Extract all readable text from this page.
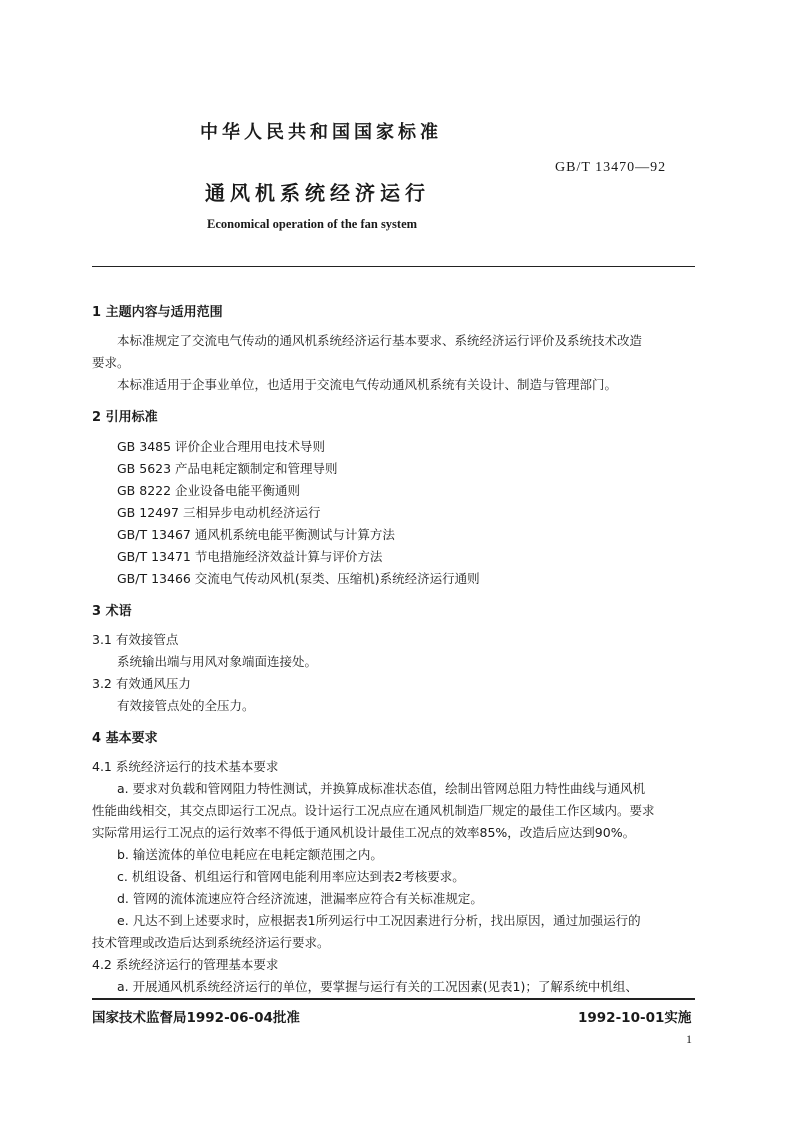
中华人民共和国国家标准
GB/T 13470—92
通风机系统经济运行
Economical operation of the fan system
1 主题内容与适用范围
本标准规定了交流电气传动的通风机系统经济运行基本要求、系统经济运行评价及系统技术改造
要求。
本标准适用于企事业单位，也适用于交流电气传动通风机系统有关设计、制造与管理部门。
2 引用标准
GB 3485 评价企业合理用电技术导则
GB 5623 产品电耗定额制定和管理导则
GB 8222 企业设备电能平衡通则
GB 12497 三相异步电动机经济运行
GB/T 13467 通风机系统电能平衡测试与计算方法
GB/T 13471 节电措施经济效益计算与评价方法
GB/T 13466 交流电气传动风机(泵类、压缩机)系统经济运行通则
3 术语
3.1 有效接管点
系统输出端与用风对象端面连接处。
3.2 有效通风压力
有效接管点处的全压力。
4 基本要求
4.1 系统经济运行的技术基本要求
a. 要求对负载和管网阻力特性测试，并换算成标准状态值，绘制出管网总阻力特性曲线与通风机
性能曲线相交，其交点即运行工况点。设计运行工况点应在通风机制造厂规定的最佳工作区域内。要求
实际常用运行工况点的运行效率不得低于通风机设计最佳工况点的效率85%，改造后应达到90%。
b. 输送流体的单位电耗应在电耗定额范围之内。
c. 机组设备、机组运行和管网电能利用率应达到表2考核要求。
d. 管网的流体流速应符合经济流速，泄漏率应符合有关标准规定。
e. 凡达不到上述要求时，应根据表1所列运行中工况因素进行分析，找出原因，通过加强运行的
技术管理或改造后达到系统经济运行要求。
4.2 系统经济运行的管理基本要求
a. 开展通风机系统经济运行的单位，要掌握与运行有关的工况因素(见表1)；了解系统中机组、
国家技术监督局1992-06-04批准	1992-10-01实施
1
